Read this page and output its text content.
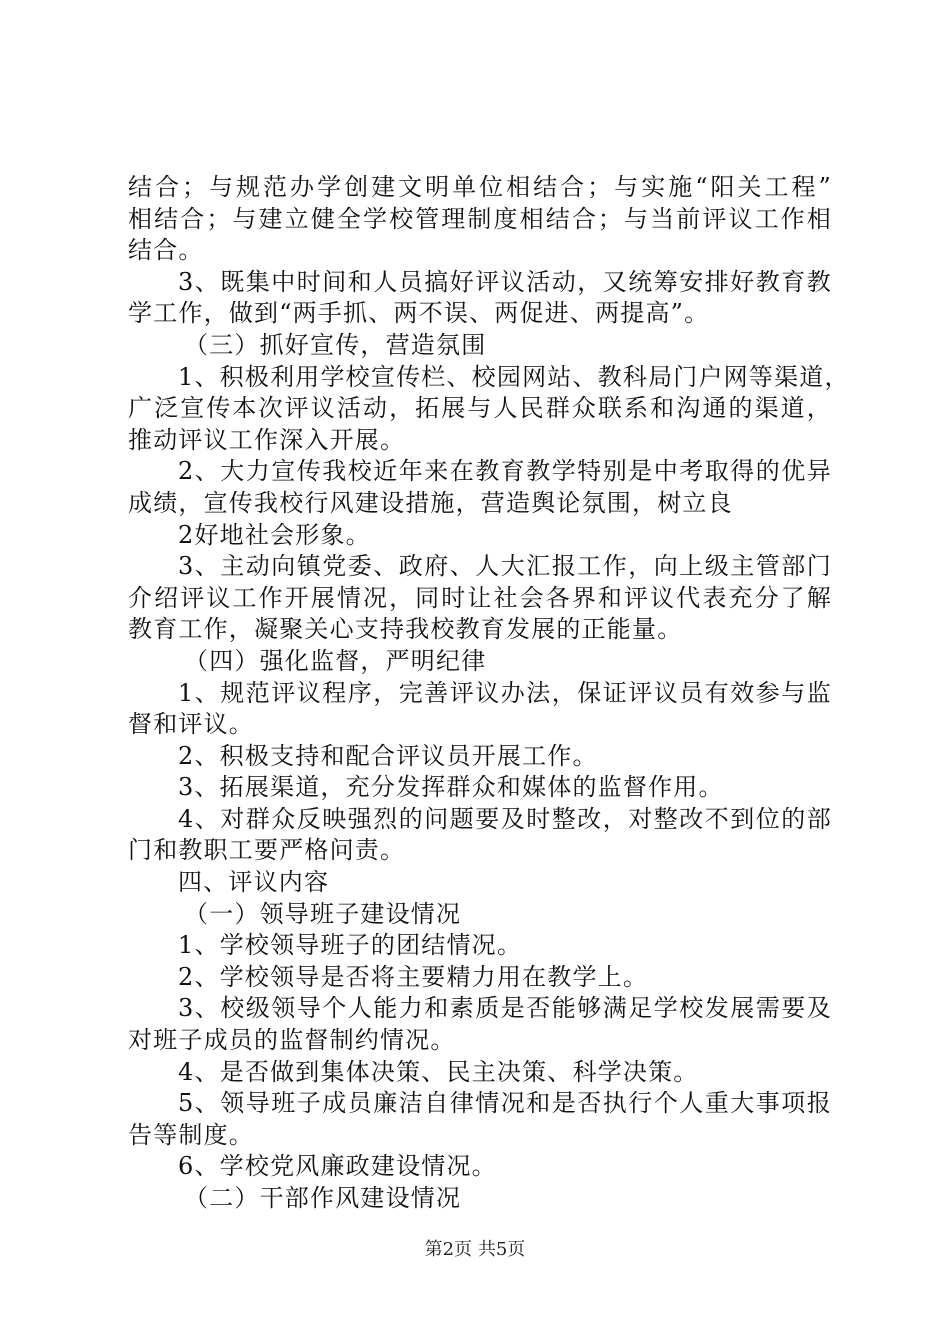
结合；与规范办学创建文明单位相结合；与实施“阳关工程”
相结合；与建立健全学校管理制度相结合；与当前评议工作相
结合。
3、既集中时间和人员搞好评议活动，又统筹安排好教育教
学工作，做到“两手抓、两不误、两促进、两提高”。
（三）抓好宣传，营造氛围
1、积极利用学校宣传栏、校园网站、教科局门户网等渠道，
广泛宣传本次评议活动，拓展与人民群众联系和沟通的渠道，
推动评议工作深入开展。
2、大力宣传我校近年来在教育教学特别是中考取得的优异
成绩，宣传我校行风建设措施，营造舆论氛围，树立良
2好地社会形象。
3、主动向镇党委、政府、人大汇报工作，向上级主管部门
介绍评议工作开展情况，同时让社会各界和评议代表充分了解
教育工作，凝聚关心支持我校教育发展的正能量。
（四）强化监督，严明纪律
1、规范评议程序，完善评议办法，保证评议员有效参与监
督和评议。
2、积极支持和配合评议员开展工作。
3、拓展渠道，充分发挥群众和媒体的监督作用。
4、对群众反映强烈的问题要及时整改，对整改不到位的部
门和教职工要严格问责。
四、评议内容
（一）领导班子建设情况
1、学校领导班子的团结情况。
2、学校领导是否将主要精力用在教学上。
3、校级领导个人能力和素质是否能够满足学校发展需要及
对班子成员的监督制约情况。
4、是否做到集体决策、民主决策、科学决策。
5、领导班子成员廉洁自律情况和是否执行个人重大事项报
告等制度。
6、学校党风廉政建设情况。
（二）干部作风建设情况
第2页 共5页
